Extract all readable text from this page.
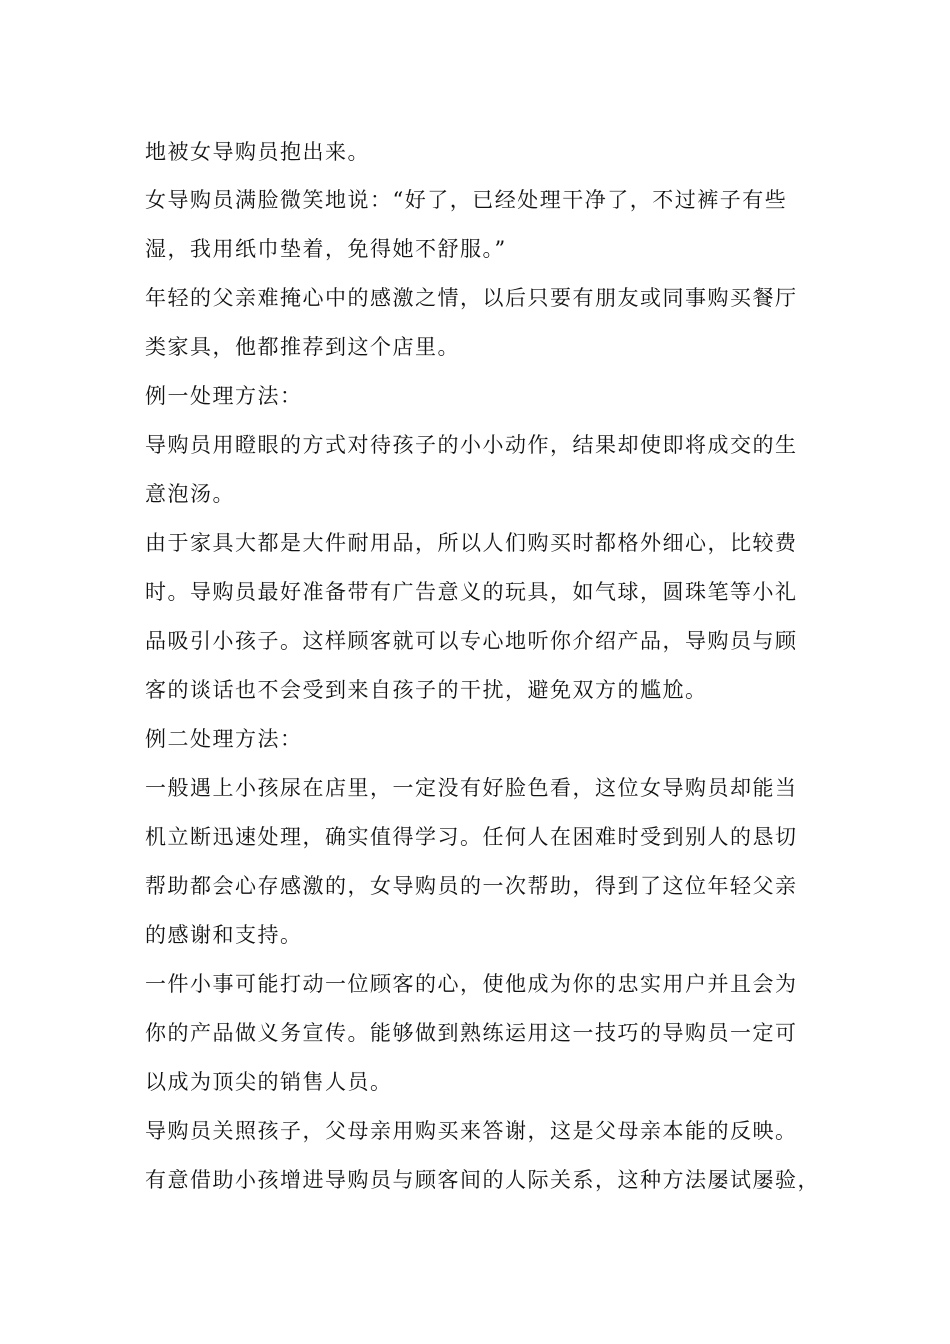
地被女导购员抱出来。

女导购员满脸微笑地说：“好了，已经处理干净了，不过裤子有些

湿，我用纸巾垫着，免得她不舒服。”

年轻的父亲难掩心中的感激之情，以后只要有朋友或同事购买餐厅

类家具，他都推荐到这个店里。

例一处理方法：

导购员用瞪眼的方式对待孩子的小小动作，结果却使即将成交的生

意泡汤。

由于家具大都是大件耐用品，所以人们购买时都格外细心，比较费

时。导购员最好准备带有广告意义的玩具，如气球，圆珠笔等小礼

品吸引小孩子。这样顾客就可以专心地听你介绍产品，导购员与顾

客的谈话也不会受到来自孩子的干扰，避免双方的尴尬。

例二处理方法：

一般遇上小孩尿在店里，一定没有好脸色看，这位女导购员却能当

机立断迅速处理，确实值得学习。任何人在困难时受到别人的恳切

帮助都会心存感激的，女导购员的一次帮助，得到了这位年轻父亲

的感谢和支持。

一件小事可能打动一位顾客的心，使他成为你的忠实用户并且会为

你的产品做义务宣传。能够做到熟练运用这一技巧的导购员一定可

以成为顶尖的销售人员。

导购员关照孩子，父母亲用购买来答谢，这是父母亲本能的反映。

有意借助小孩增进导购员与顾客间的人际关系，这种方法屡试屡验，
